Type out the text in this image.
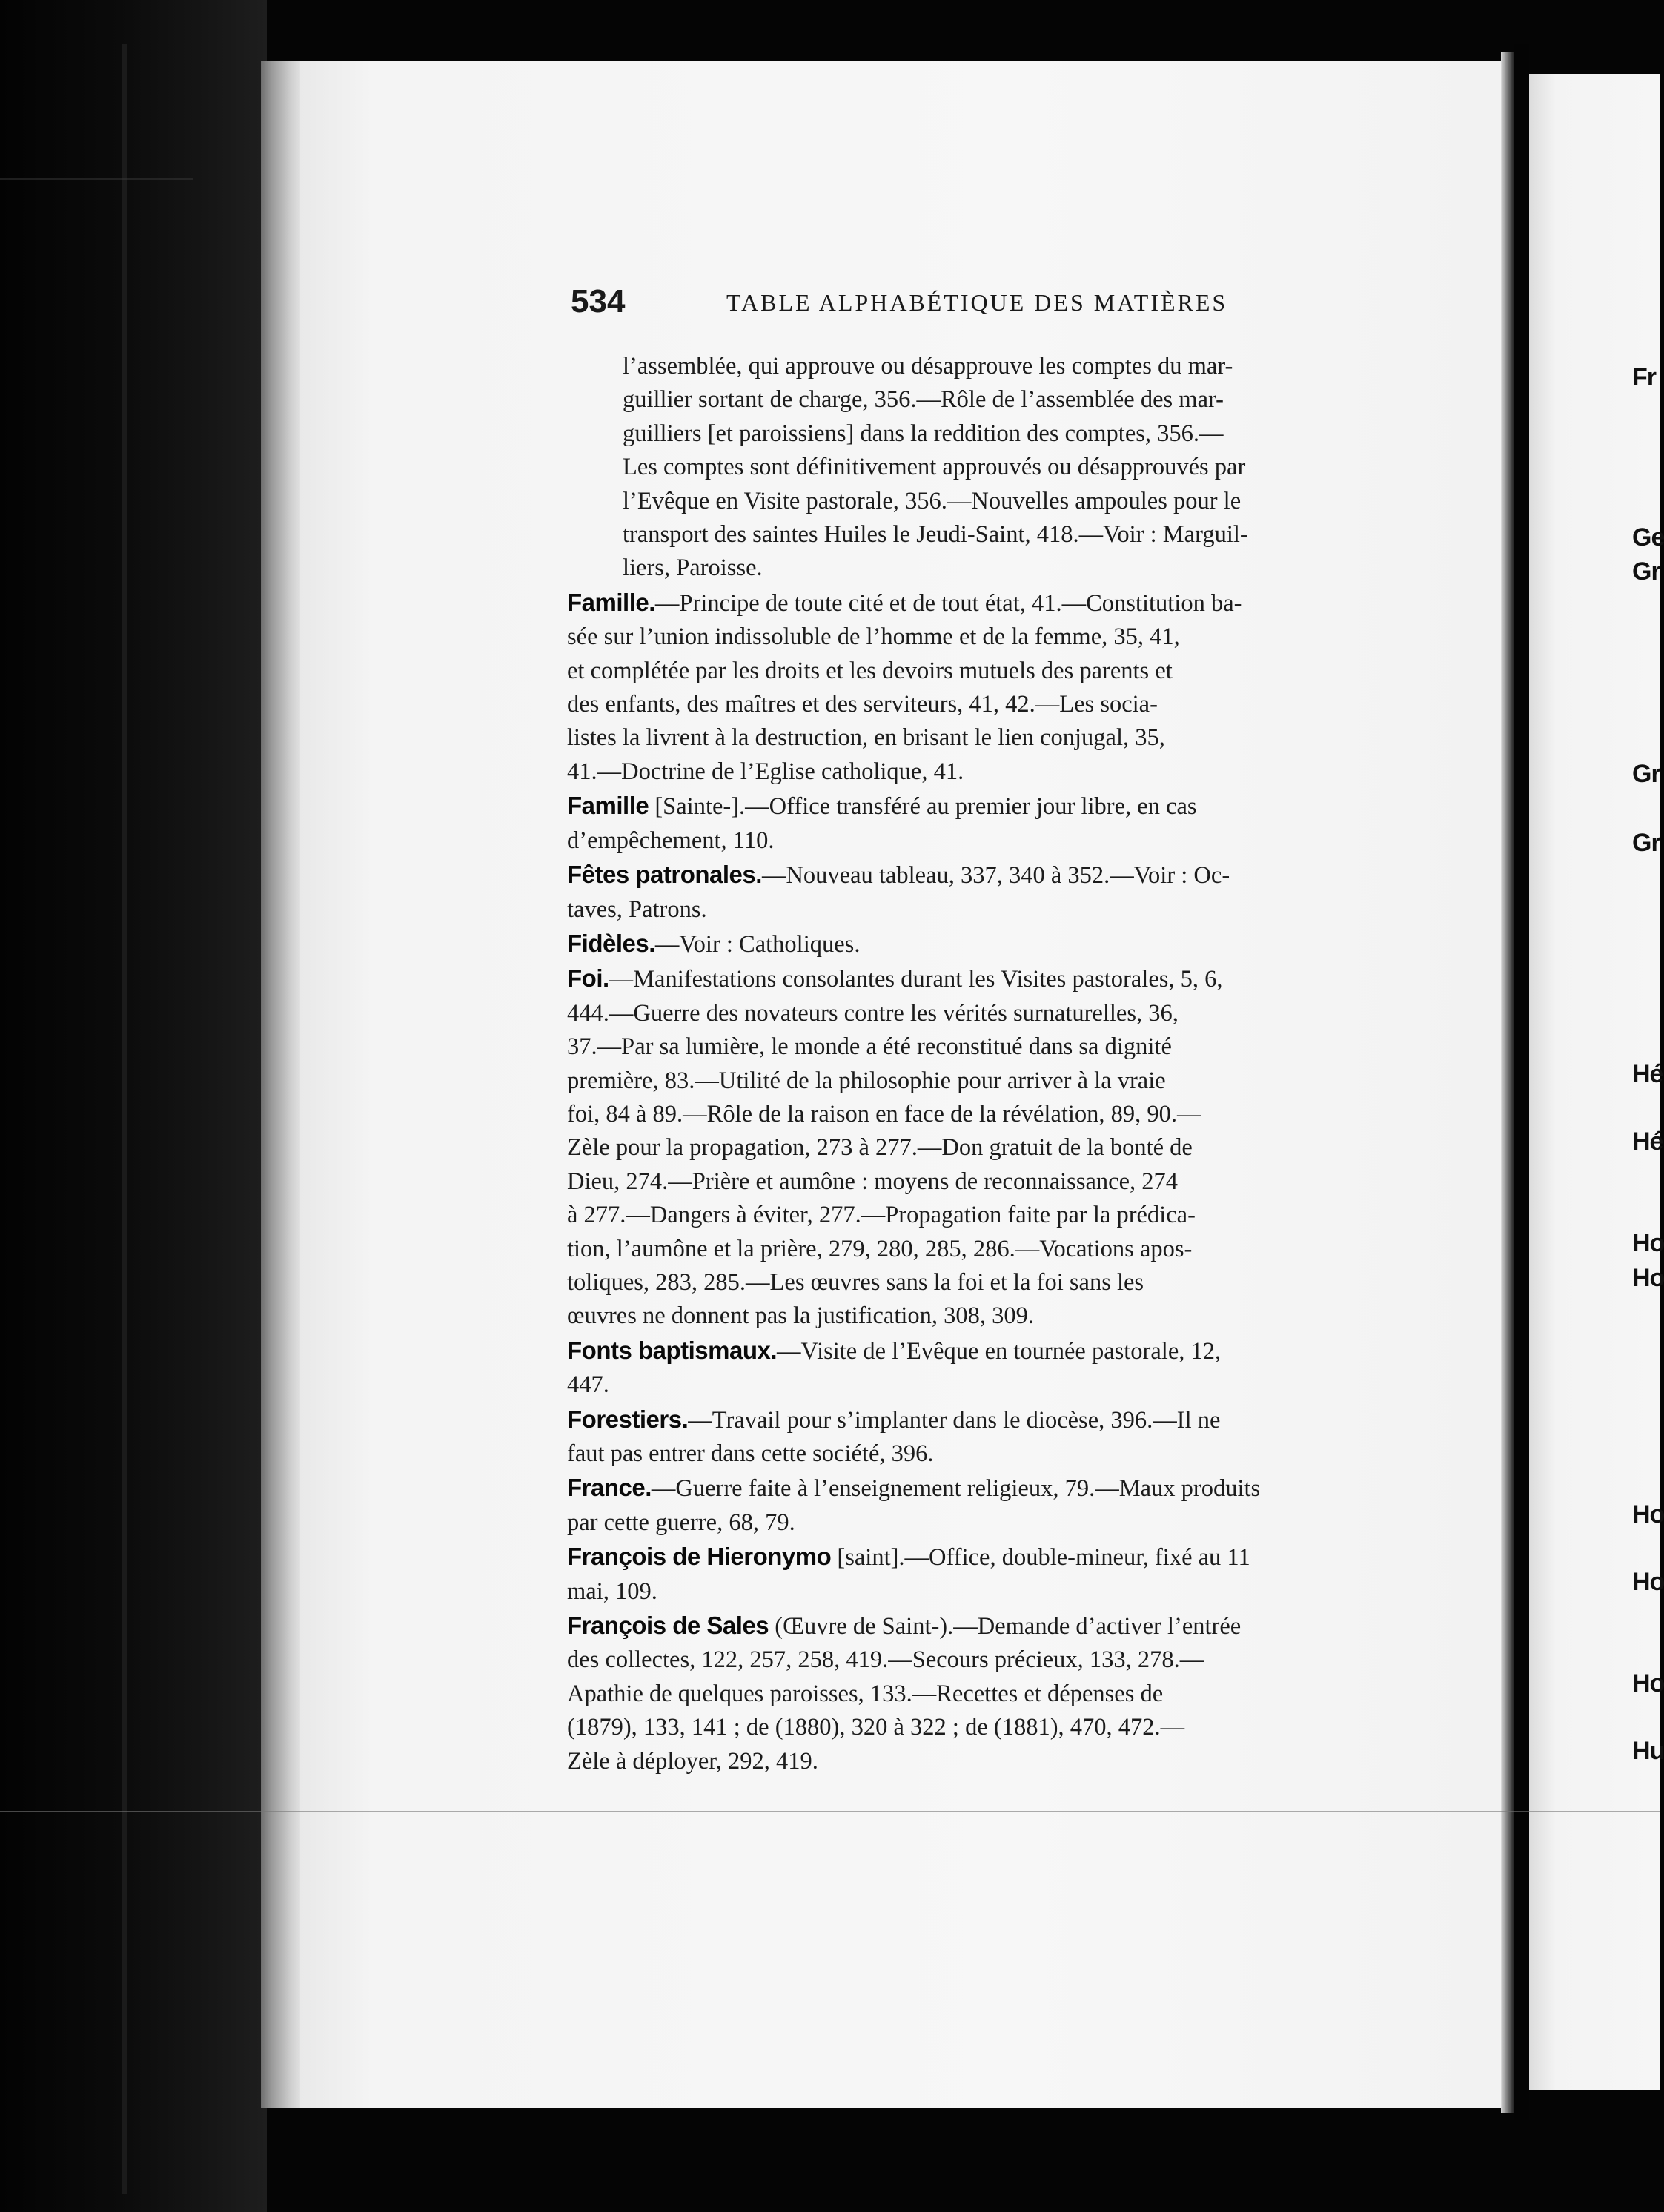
Fr
Ge
Gr
Gr
Gr
Hé
Hé
Ho
Ho
Ho
Ho
Ho
Hu
534	TABLE ALPHABÉTIQUE DES MATIÈRES
l’assemblée, qui approuve ou désapprouve les comptes du mar-
guillier sortant de charge, 356.—Rôle de l’assemblée des mar-
guilliers [et paroissiens] dans la reddition des comptes, 356.—
Les comptes sont définitivement approuvés ou désapprouvés par
l’Evêque en Visite pastorale, 356.—Nouvelles ampoules pour le
transport des saintes Huiles le Jeudi-Saint, 418.—Voir : Marguil-
liers, Paroisse.
Famille.—Principe de toute cité et de tout état, 41.—Constitution ba-
sée sur l’union indissoluble de l’homme et de la femme, 35, 41,
et complétée par les droits et les devoirs mutuels des parents et
des enfants, des maîtres et des serviteurs, 41, 42.—Les socia-
listes la livrent à la destruction, en brisant le lien conjugal, 35,
41.—Doctrine de l’Eglise catholique, 41.
Famille [Sainte-].—Office transféré au premier jour libre, en cas
d’empêchement, 110.
Fêtes patronales.—Nouveau tableau, 337, 340 à 352.—Voir : Oc-
taves, Patrons.
Fidèles.—Voir : Catholiques.
Foi.—Manifestations consolantes durant les Visites pastorales, 5, 6,
444.—Guerre des novateurs contre les vérités surnaturelles, 36,
37.—Par sa lumière, le monde a été reconstitué dans sa dignité
première, 83.—Utilité de la philosophie pour arriver à la vraie
foi, 84 à 89.—Rôle de la raison en face de la révélation, 89, 90.—
Zèle pour la propagation, 273 à 277.—Don gratuit de la bonté de
Dieu, 274.—Prière et aumône : moyens de reconnaissance, 274
à 277.—Dangers à éviter, 277.—Propagation faite par la prédica-
tion, l’aumône et la prière, 279, 280, 285, 286.—Vocations apos-
toliques, 283, 285.—Les œuvres sans la foi et la foi sans les
œuvres ne donnent pas la justification, 308, 309.
Fonts baptismaux.—Visite de l’Evêque en tournée pastorale, 12,
447.
Forestiers.—Travail pour s’implanter dans le diocèse, 396.—Il ne
faut pas entrer dans cette société, 396.
France.—Guerre faite à l’enseignement religieux, 79.—Maux produits
par cette guerre, 68, 79.
François de Hieronymo [saint].—Office, double-mineur, fixé au 11
mai, 109.
François de Sales (Œuvre de Saint-).—Demande d’activer l’entrée
des collectes, 122, 257, 258, 419.—Secours précieux, 133, 278.—
Apathie de quelques paroisses, 133.—Recettes et dépenses de
(1879), 133, 141 ; de (1880), 320 à 322 ; de (1881), 470, 472.—
Zèle à déployer, 292, 419.
